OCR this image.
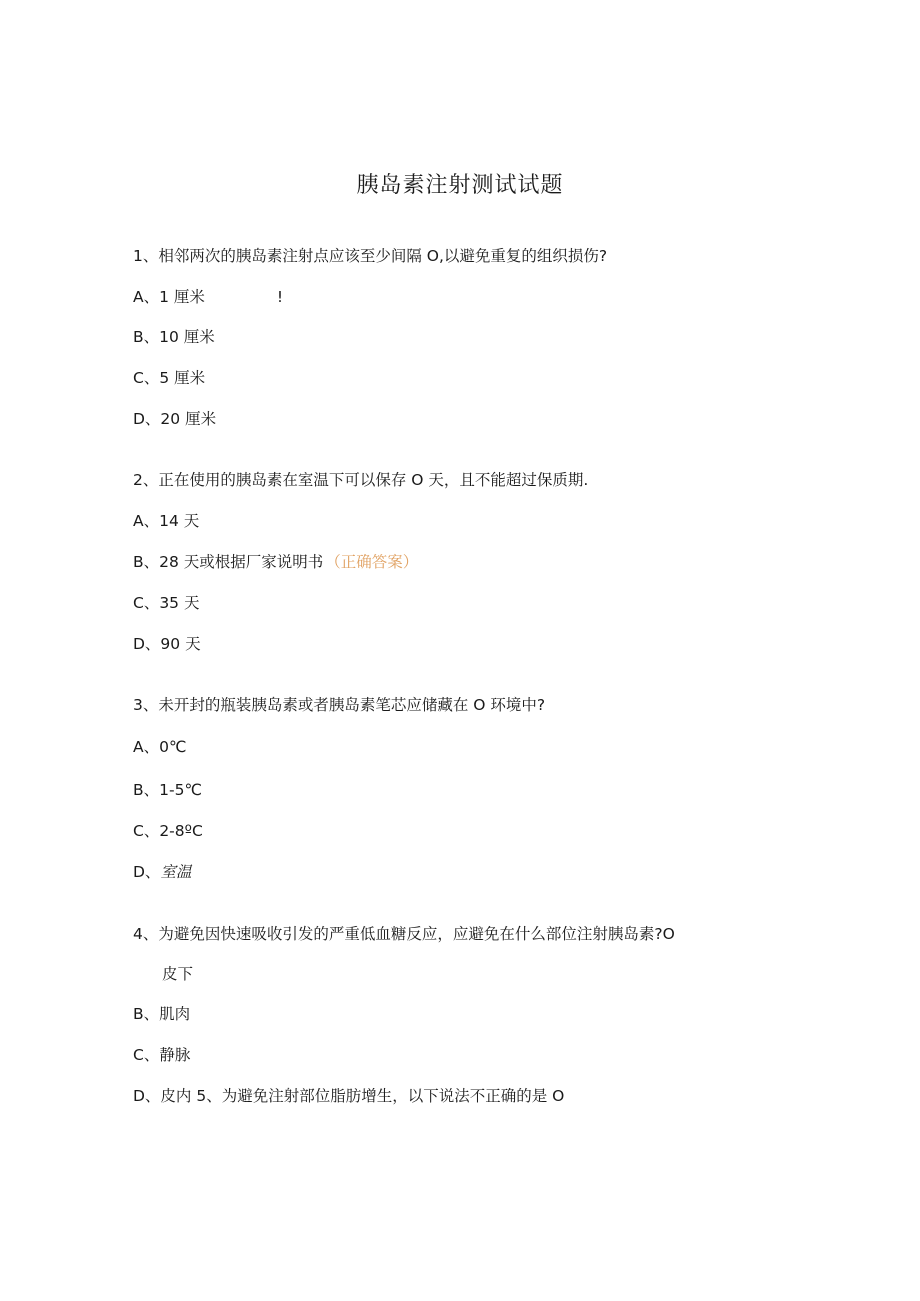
胰岛素注射测试试题
1、相邻两次的胰岛素注射点应该至少间隔 O,以避免重复的组织损伤?
A、1 厘米	!
B、10 厘米
C、5 厘米
D、20 厘米
2、正在使用的胰岛素在室温下可以保存 O 天，且不能超过保质期.
A、14 天
B、28 天或根据厂家说明书 （正确答案）
C、35 天
D、90 天
3、未开封的瓶装胰岛素或者胰岛素笔芯应储藏在 O 环境中?
A、0℃
B、1-5℃
C、2-8ºC
D、室温
4、为避免因快速吸收引发的严重低血糖反应，应避免在什么部位注射胰岛素?O
皮下
B、肌肉
C、静脉
D、皮内 5、为避免注射部位脂肪增生，以下说法不正确的是 O
